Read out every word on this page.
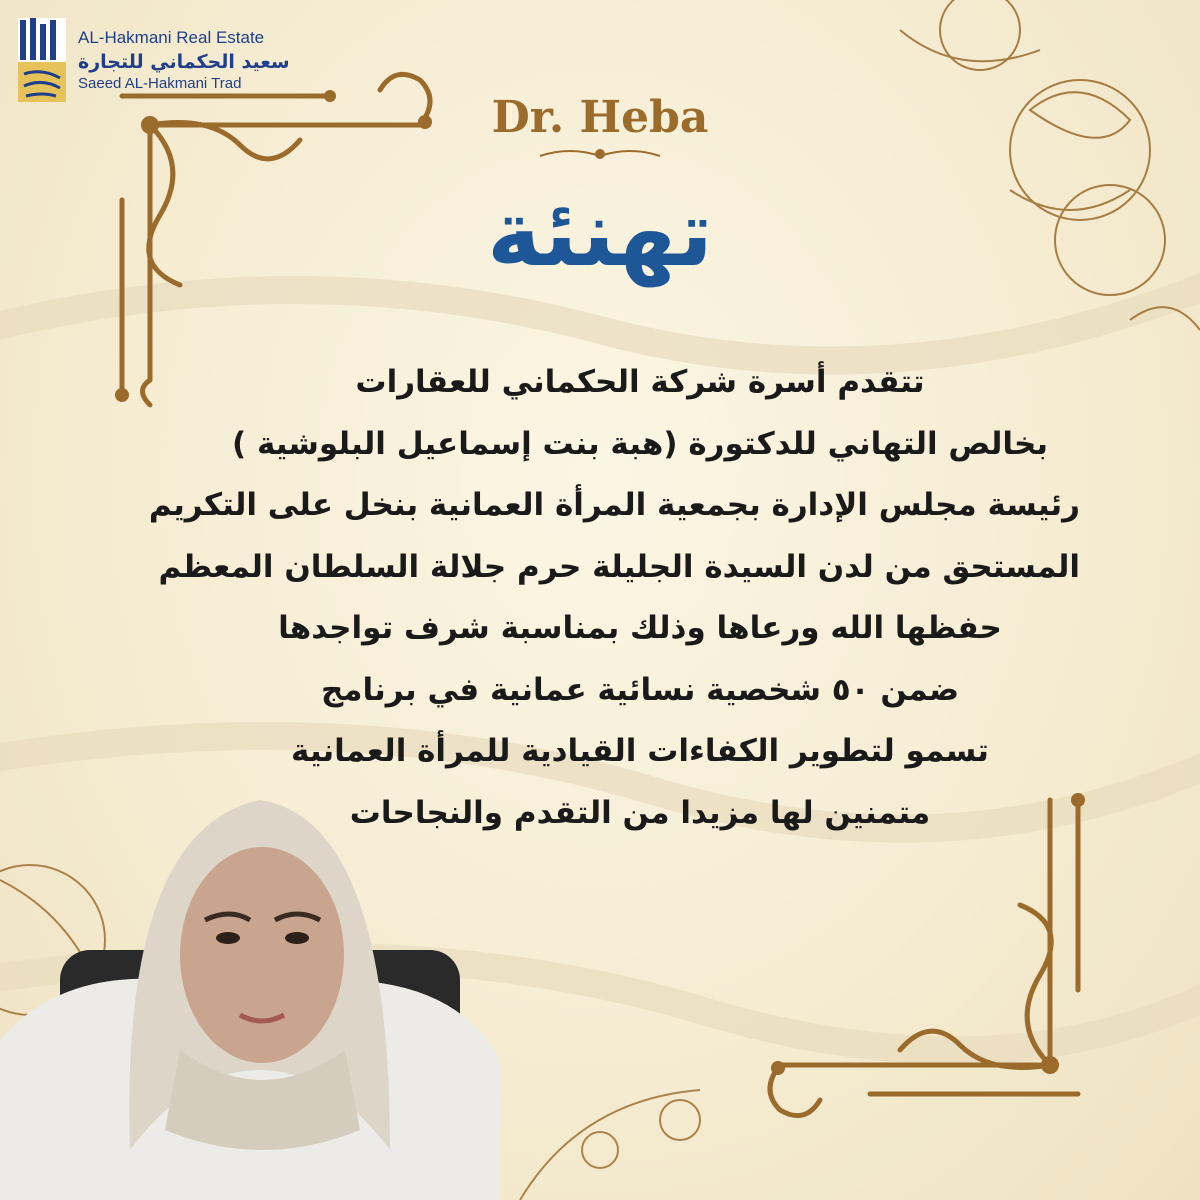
AL-Hakmani Real Estate
سعيد الحكماني للتجارة
Saeed AL-Hakmani Trad
Dr. Heba
تهنئة
تتقدم أسرة شركة الحكماني للعقارات
بخالص التهاني للدكتورة (هبة بنت إسماعيل البلوشية )
رئيسة مجلس الإدارة بجمعية المرأة العمانية بنخل على التكريم
المستحق من لدن السيدة الجليلة حرم جلالة السلطان المعظم
حفظها الله ورعاها وذلك بمناسبة شرف تواجدها
ضمن ٥٠ شخصية نسائية عمانية في برنامج
تسمو لتطوير الكفاءات القيادية للمرأة العمانية
متمنين لها مزيدا من التقدم والنجاحات
